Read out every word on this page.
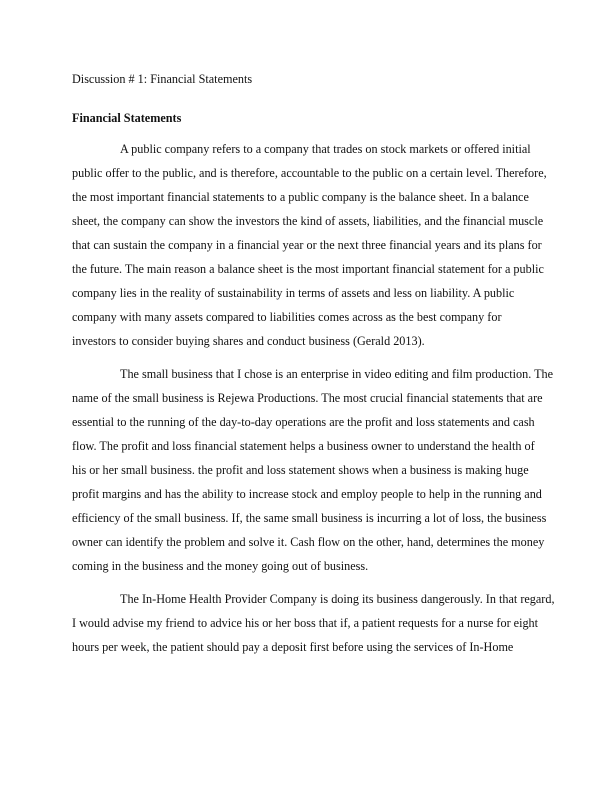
Discussion # 1: Financial Statements
Financial Statements
A public company refers to a company that trades on stock markets or offered initial
public offer to the public, and is therefore, accountable to the public on a certain level. Therefore,
the most important financial statements to a public company is the balance sheet. In a balance
sheet, the company can show the investors the kind of assets, liabilities, and the financial muscle
that can sustain the company in a financial year or the next three financial years and its plans for
the future. The main reason a balance sheet is the most important financial statement for a public
company lies in the reality of sustainability in terms of assets and less on liability. A public
company with many assets compared to liabilities comes across as the best company for
investors to consider buying shares and conduct business (Gerald 2013).
The small business that I chose is an enterprise in video editing and film production. The
name of the small business is Rejewa Productions. The most crucial financial statements that are
essential to the running of the day-to-day operations are the profit and loss statements and cash
flow. The profit and loss financial statement helps a business owner to understand the health of
his or her small business. the profit and loss statement shows when a business is making huge
profit margins and has the ability to increase stock and employ people to help in the running and
efficiency of the small business. If, the same small business is incurring a lot of loss, the business
owner can identify the problem and solve it. Cash flow on the other, hand, determines the money
coming in the business and the money going out of business.
The In-Home Health Provider Company is doing its business dangerously. In that regard,
I would advise my friend to advice his or her boss that if, a patient requests for a nurse for eight
hours per week, the patient should pay a deposit first before using the services of In-Home
